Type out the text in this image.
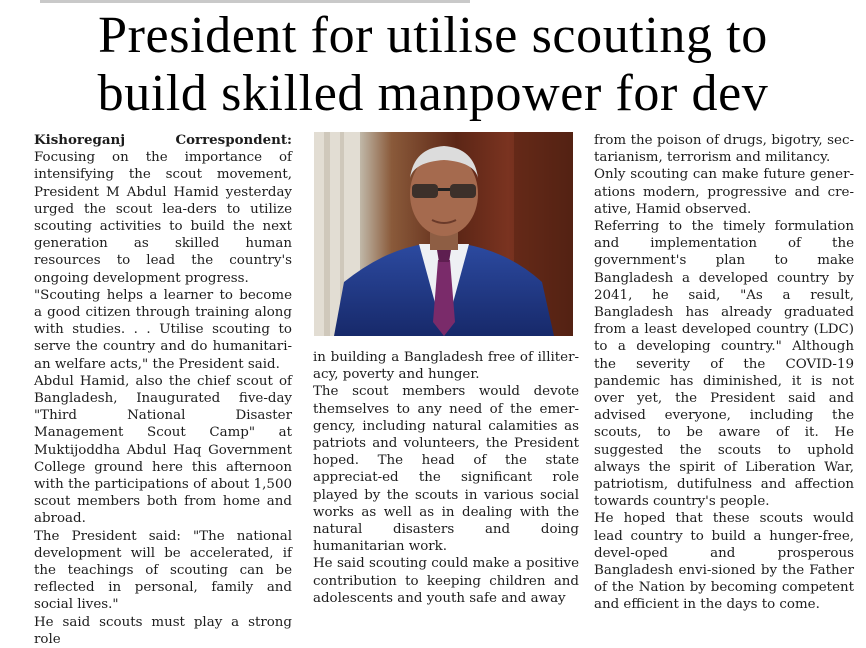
President for utilise scouting to
build skilled manpower for dev

Kishoreganj Correspondent: Focusing on the importance of intensifying the scout movement, President M Abdul Hamid yesterday urged the scout lea-ders to utilize scouting activities to build the next generation as skilled human resources to lead the country's ongoing development progress.

"Scouting helps a learner to become a good citizen through training along with studies. . . Utilise scouting to serve the country and do humanitari-an welfare acts," the President said.

Abdul Hamid, also the chief scout of Bangladesh, Inaugurated five-day "Third National Disaster Management Scout Camp" at Muktijoddha Abdul Haq Government College ground here this afternoon with the participations of about 1,500 scout members both from home and abroad.

The President said: "The national development will be accelerated, if the teachings of scouting can be reflected in personal, family and social lives."

He said scouts must play a strong role

in building a Bangladesh free of illiter-acy, poverty and hunger.

The scout members would devote themselves to any need of the emer-gency, including natural calamities as patriots and volunteers, the President hoped. The head of the state appreciat-ed the significant role played by the scouts in various social works as well as in dealing with the natural disasters and doing humanitarian work.

He said scouting could make a positive contribution to keeping children and adolescents and youth safe and away

from the poison of drugs, bigotry, sec-tarianism, terrorism and militancy.

Only scouting can make future gener-ations modern, progressive and cre-ative, Hamid observed.

Referring to the timely formulation and implementation of the government's plan to make Bangladesh a developed country by 2041, he said, "As a result, Bangladesh has already graduated from a least developed country (LDC) to a developing country." Although the severity of the COVID-19 pandemic has diminished, it is not over yet, the President said and advised everyone, including the scouts, to be aware of it. He suggested the scouts to uphold always the spirit of Liberation War, patriotism, dutifulness and affection towards country's people.

He hoped that these scouts would lead country to build a hunger-free, devel-oped and prosperous Bangladesh envi-sioned by the Father of the Nation by becoming competent and efficient in the days to come.
